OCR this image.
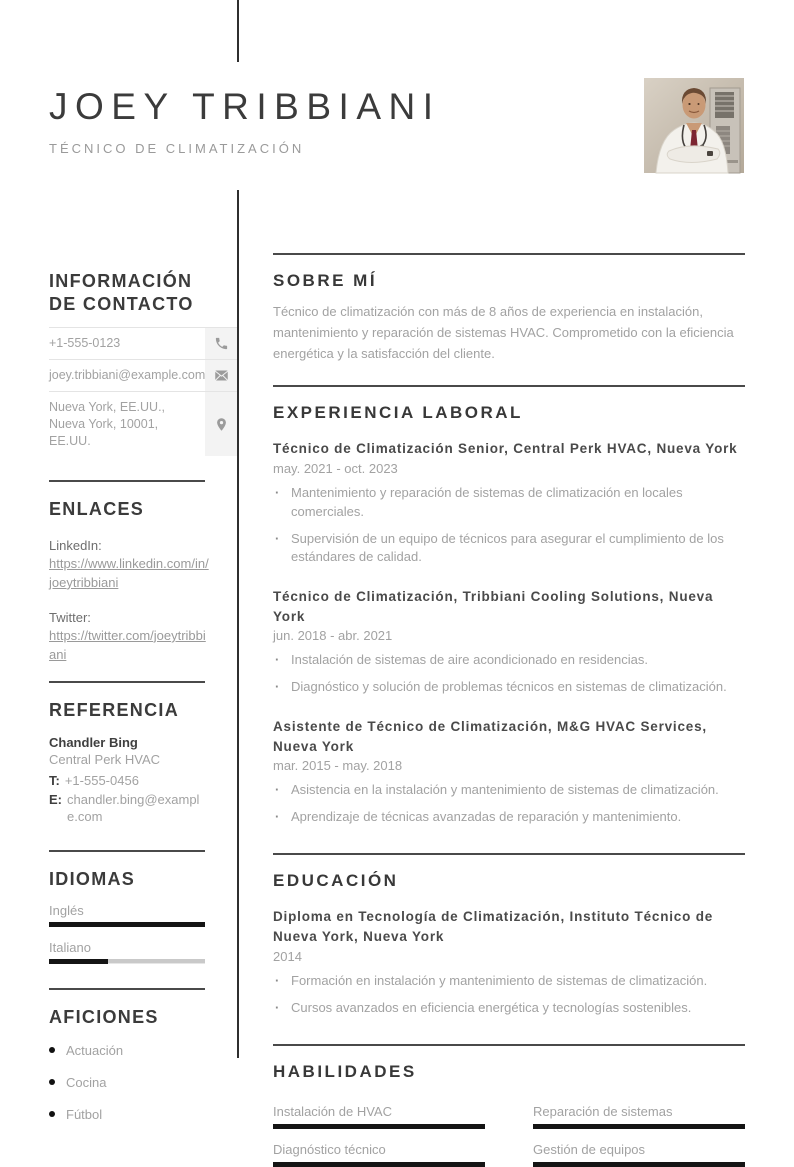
JOEY TRIBBIANI
TÉCNICO DE CLIMATIZACIÓN
INFORMACIÓN DE CONTACTO
+1-555-0123
joey.tribbiani@example.com
Nueva York, EE.UU., Nueva York, 10001, EE.UU.
ENLACES
LinkedIn:
https://www.linkedin.com/in/joeytribbiani
Twitter:
https://twitter.com/joeytribbiani
REFERENCIA
Chandler Bing
Central Perk HVAC
T: +1-555-0456
E: chandler.bing@example.com
IDIOMAS
Inglés
Italiano
AFICIONES
Actuación
Cocina
Fútbol
SOBRE MÍ

Técnico de climatización con más de 8 años de experiencia en instalación, mantenimiento y reparación de sistemas HVAC. Comprometido con la eficiencia energética y la satisfacción del cliente.

EXPERIENCIA LABORAL
Técnico de Climatización Senior, Central Perk HVAC, Nueva York
may. 2021 - oct. 2023
· Mantenimiento y reparación de sistemas de climatización en locales comerciales.
· Supervisión de un equipo de técnicos para asegurar el cumplimiento de los estándares de calidad.
Técnico de Climatización, Tribbiani Cooling Solutions, Nueva York
jun. 2018 - abr. 2021
· Instalación de sistemas de aire acondicionado en residencias.
· Diagnóstico y solución de problemas técnicos en sistemas de climatización.
Asistente de Técnico de Climatización, M&G HVAC Services, Nueva York
mar. 2015 - may. 2018
· Asistencia en la instalación y mantenimiento de sistemas de climatización.
· Aprendizaje de técnicas avanzadas de reparación y mantenimiento.
EDUCACIÓN
Diploma en Tecnología de Climatización, Instituto Técnico de Nueva York, Nueva York
2014
· Formación en instalación y mantenimiento de sistemas de climatización.
· Cursos avanzados en eficiencia energética y tecnologías sostenibles.
HABILIDADES
Instalación de HVAC	Reparación de sistemas
Diagnóstico técnico	Gestión de equipos
